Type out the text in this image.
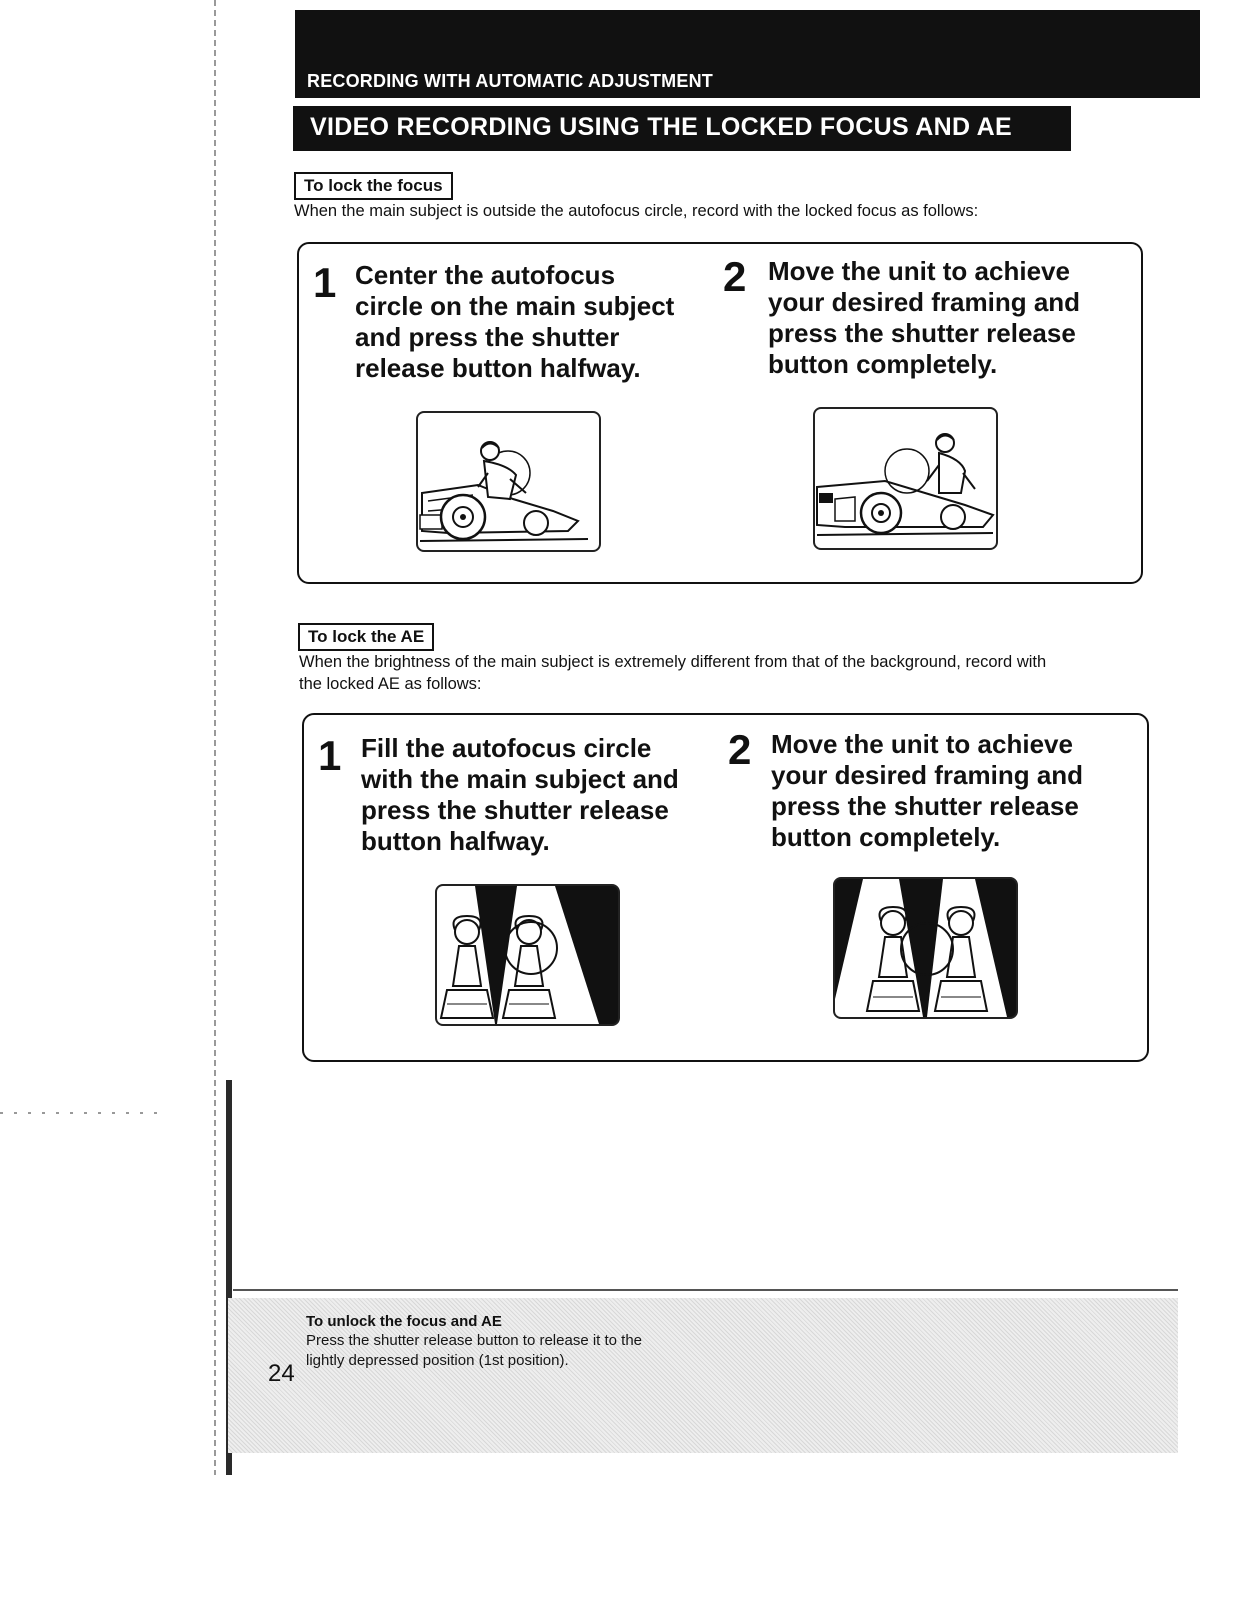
RECORDING WITH AUTOMATIC ADJUSTMENT
VIDEO RECORDING USING THE LOCKED FOCUS AND AE
To lock the focus
When the main subject is outside the autofocus circle, record with the locked focus as follows:
1 Center the autofocus
circle on the main subject
and press the shutter
release button halfway.
2 Move the unit to achieve
your desired framing and
press the shutter release
button completely.
To lock the AE
When the brightness of the main subject is extremely different from that of the background, record with
the locked AE as follows:
1 Fill the autofocus circle
with the main subject and
press the shutter release
button halfway.
2 Move the unit to achieve
your desired framing and
press the shutter release
button completely.
To unlock the focus and AE
Press the shutter release button to release it to the
lightly depressed position (1st position).
24
